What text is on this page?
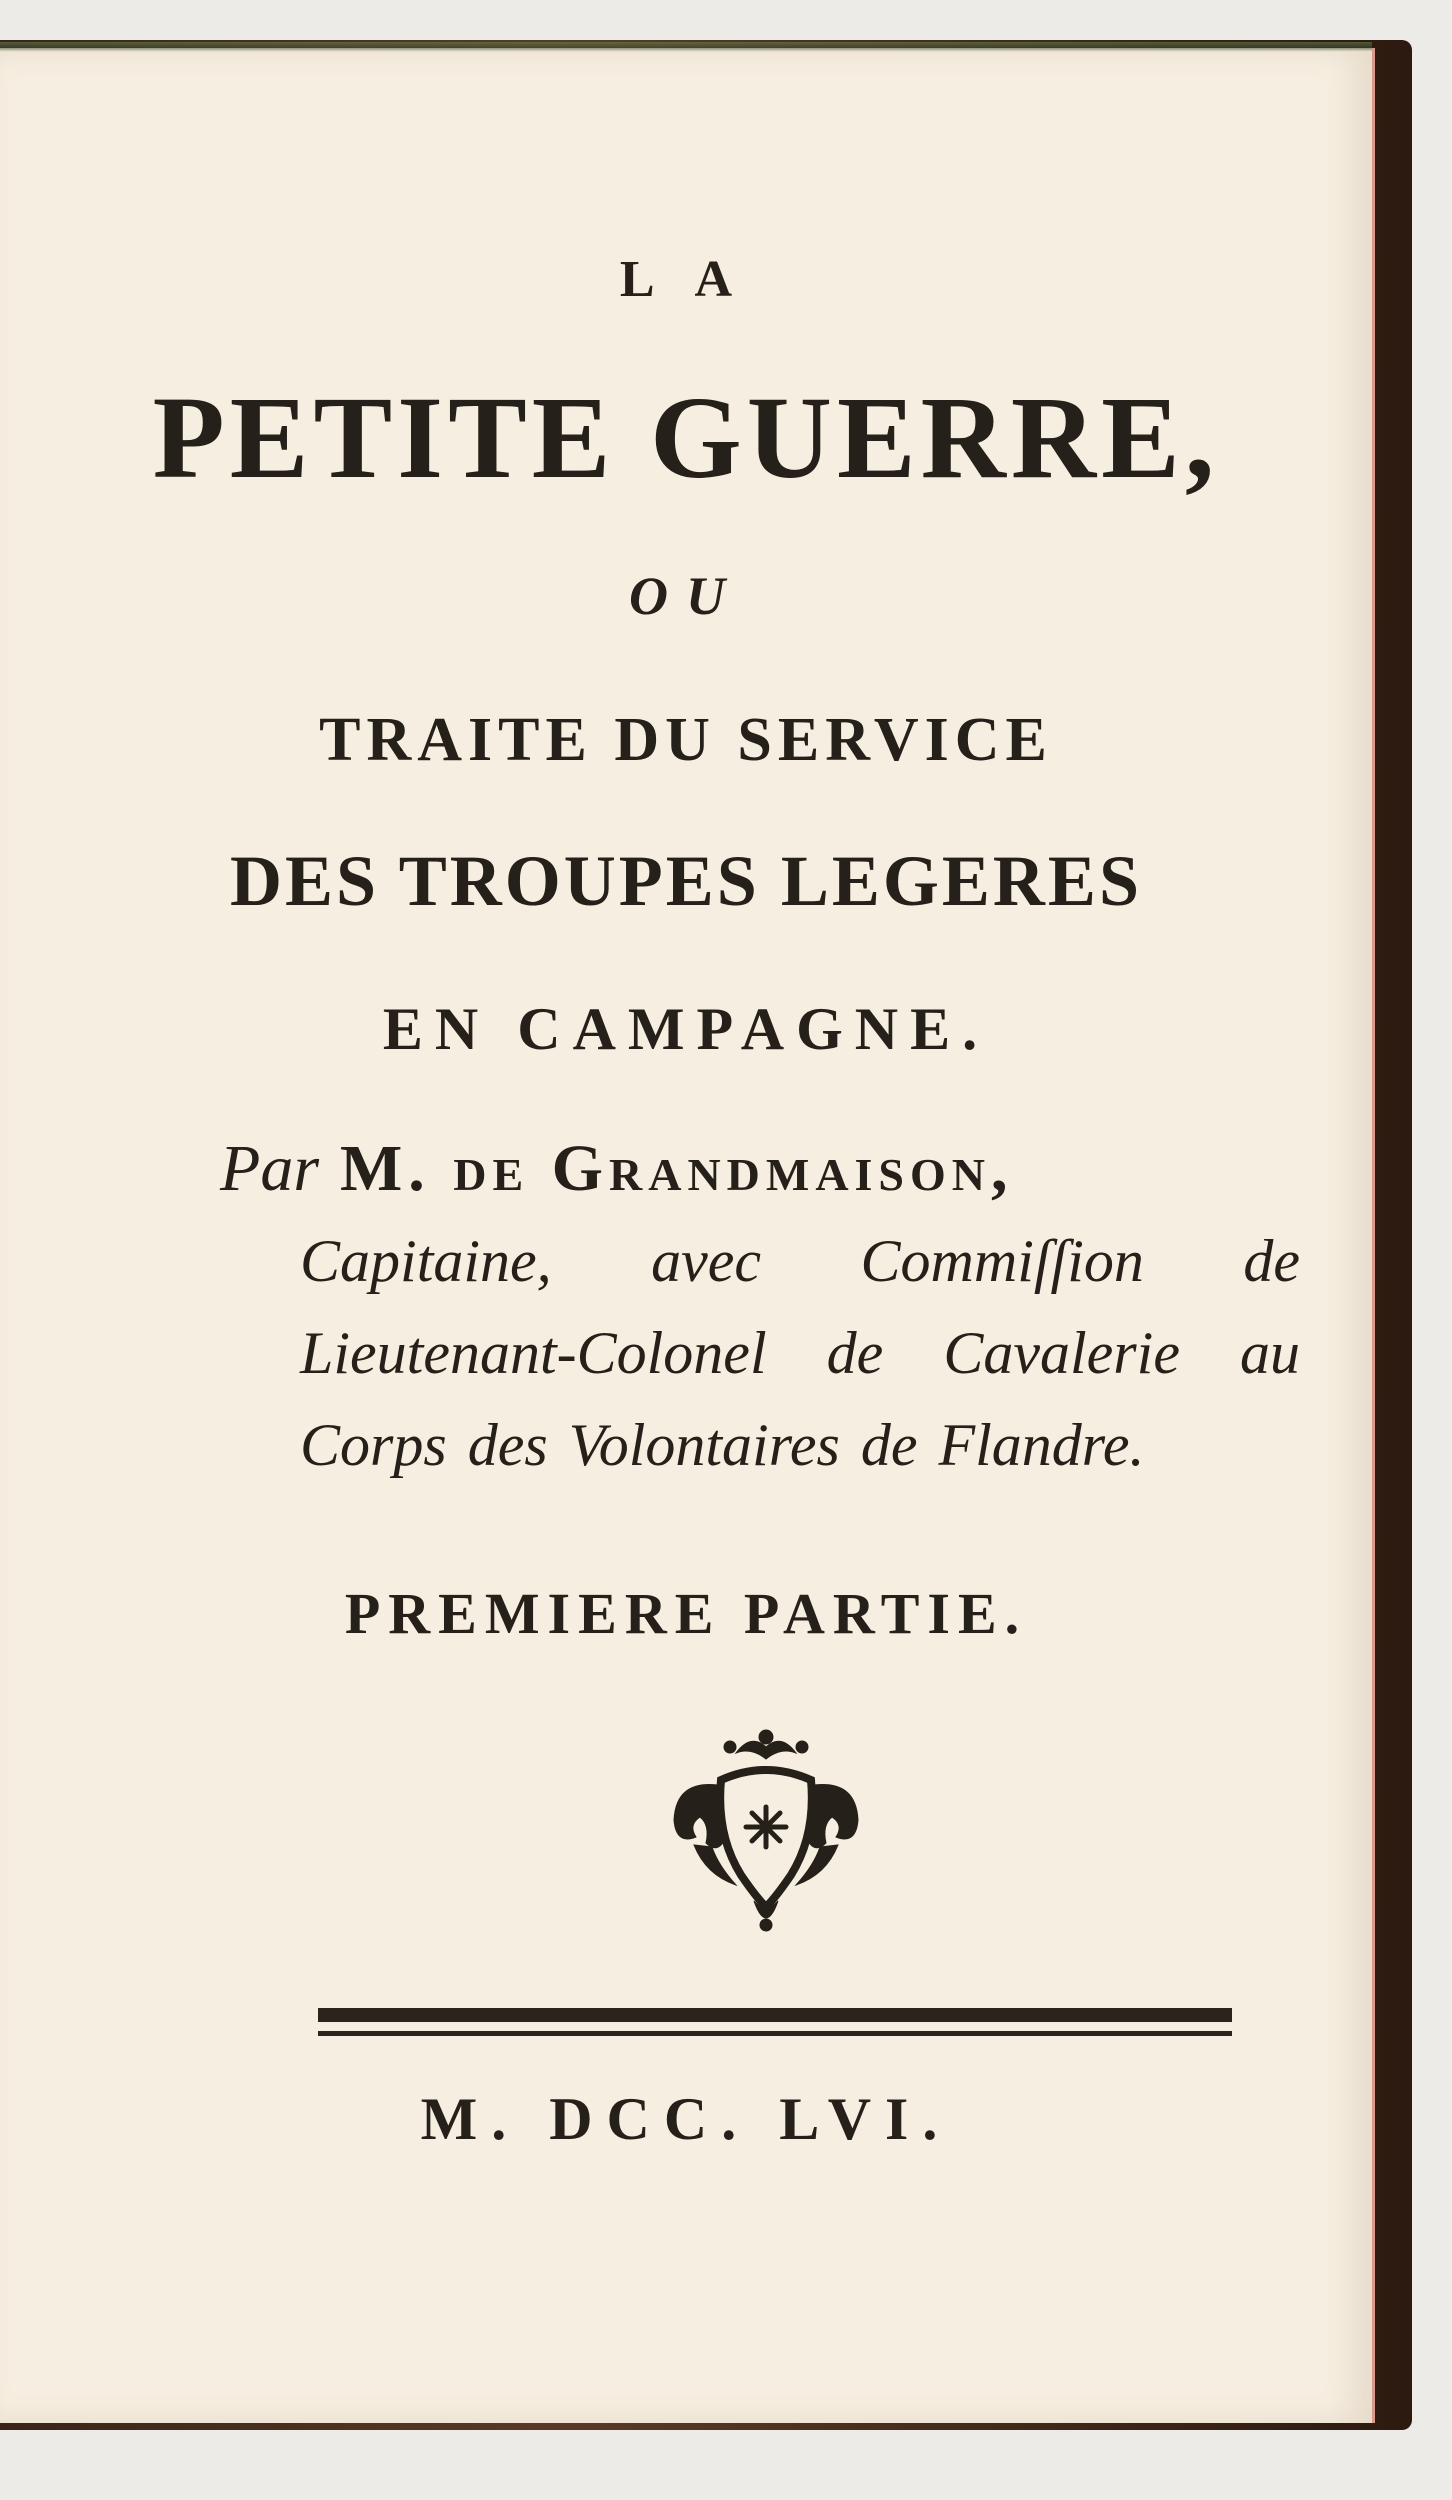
LA
PETITE GUERRE,
OU
TRAITE DU SERVICE
DES TROUPES LEGERES
EN CAMPAGNE.
Par M. de Grandmaison,
Capitaine, avec Commiſſion de Lieutenant-Colonel de Cavalerie au Corps des Volontaires de Flandre.
PREMIERE PARTIE.
M. DCC. LVI.
